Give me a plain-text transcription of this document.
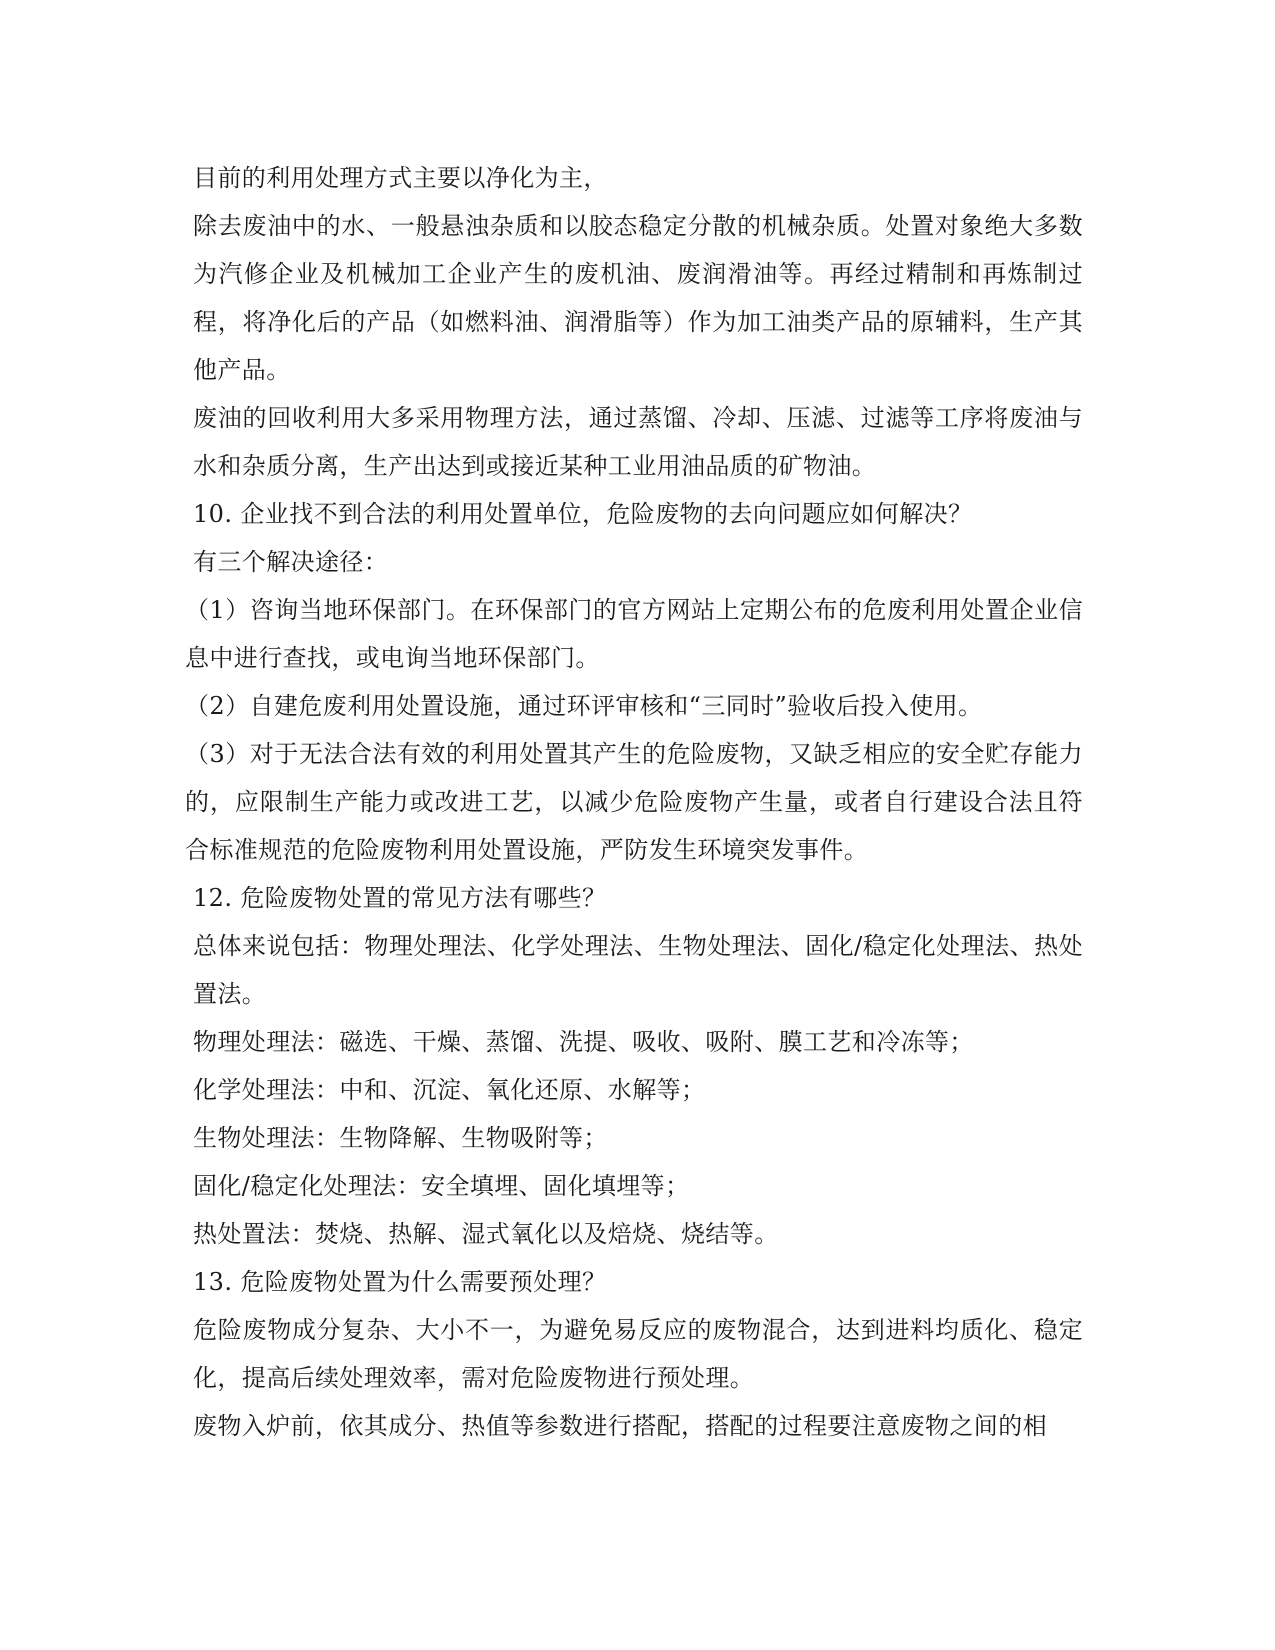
目前的利用处理方式主要以净化为主，

除去废油中的水、一般悬浊杂质和以胶态稳定分散的机械杂质。处置对象绝大多数为汽修企业及机械加工企业产生的废机油、废润滑油等。再经过精制和再炼制过程，将净化后的产品（如燃料油、润滑脂等）作为加工油类产品的原辅料，生产其他产品。

废油的回收利用大多采用物理方法，通过蒸馏、冷却、压滤、过滤等工序将废油与水和杂质分离，生产出达到或接近某种工业用油品质的矿物油。

10. 企业找不到合法的利用处置单位，危险废物的去向问题应如何解决？

有三个解决途径：

（1）咨询当地环保部门。在环保部门的官方网站上定期公布的危废利用处置企业信息中进行查找，或电询当地环保部门。

（2）自建危废利用处置设施，通过环评审核和“三同时”验收后投入使用。

（3）对于无法合法有效的利用处置其产生的危险废物，又缺乏相应的安全贮存能力的，应限制生产能力或改进工艺，以减少危险废物产生量，或者自行建设合法且符合标准规范的危险废物利用处置设施，严防发生环境突发事件。

12. 危险废物处置的常见方法有哪些？

总体来说包括：物理处理法、化学处理法、生物处理法、固化/稳定化处理法、热处置法。

物理处理法：磁选、干燥、蒸馏、洗提、吸收、吸附、膜工艺和冷冻等；

化学处理法：中和、沉淀、氧化还原、水解等；

生物处理法：生物降解、生物吸附等；

固化/稳定化处理法：安全填埋、固化填埋等；

热处置法：焚烧、热解、湿式氧化以及焙烧、烧结等。

13. 危险废物处置为什么需要预处理？

危险废物成分复杂、大小不一，为避免易反应的废物混合，达到进料均质化、稳定化，提高后续处理效率，需对危险废物进行预处理。

废物入炉前，依其成分、热值等参数进行搭配，搭配的过程要注意废物之间的相
